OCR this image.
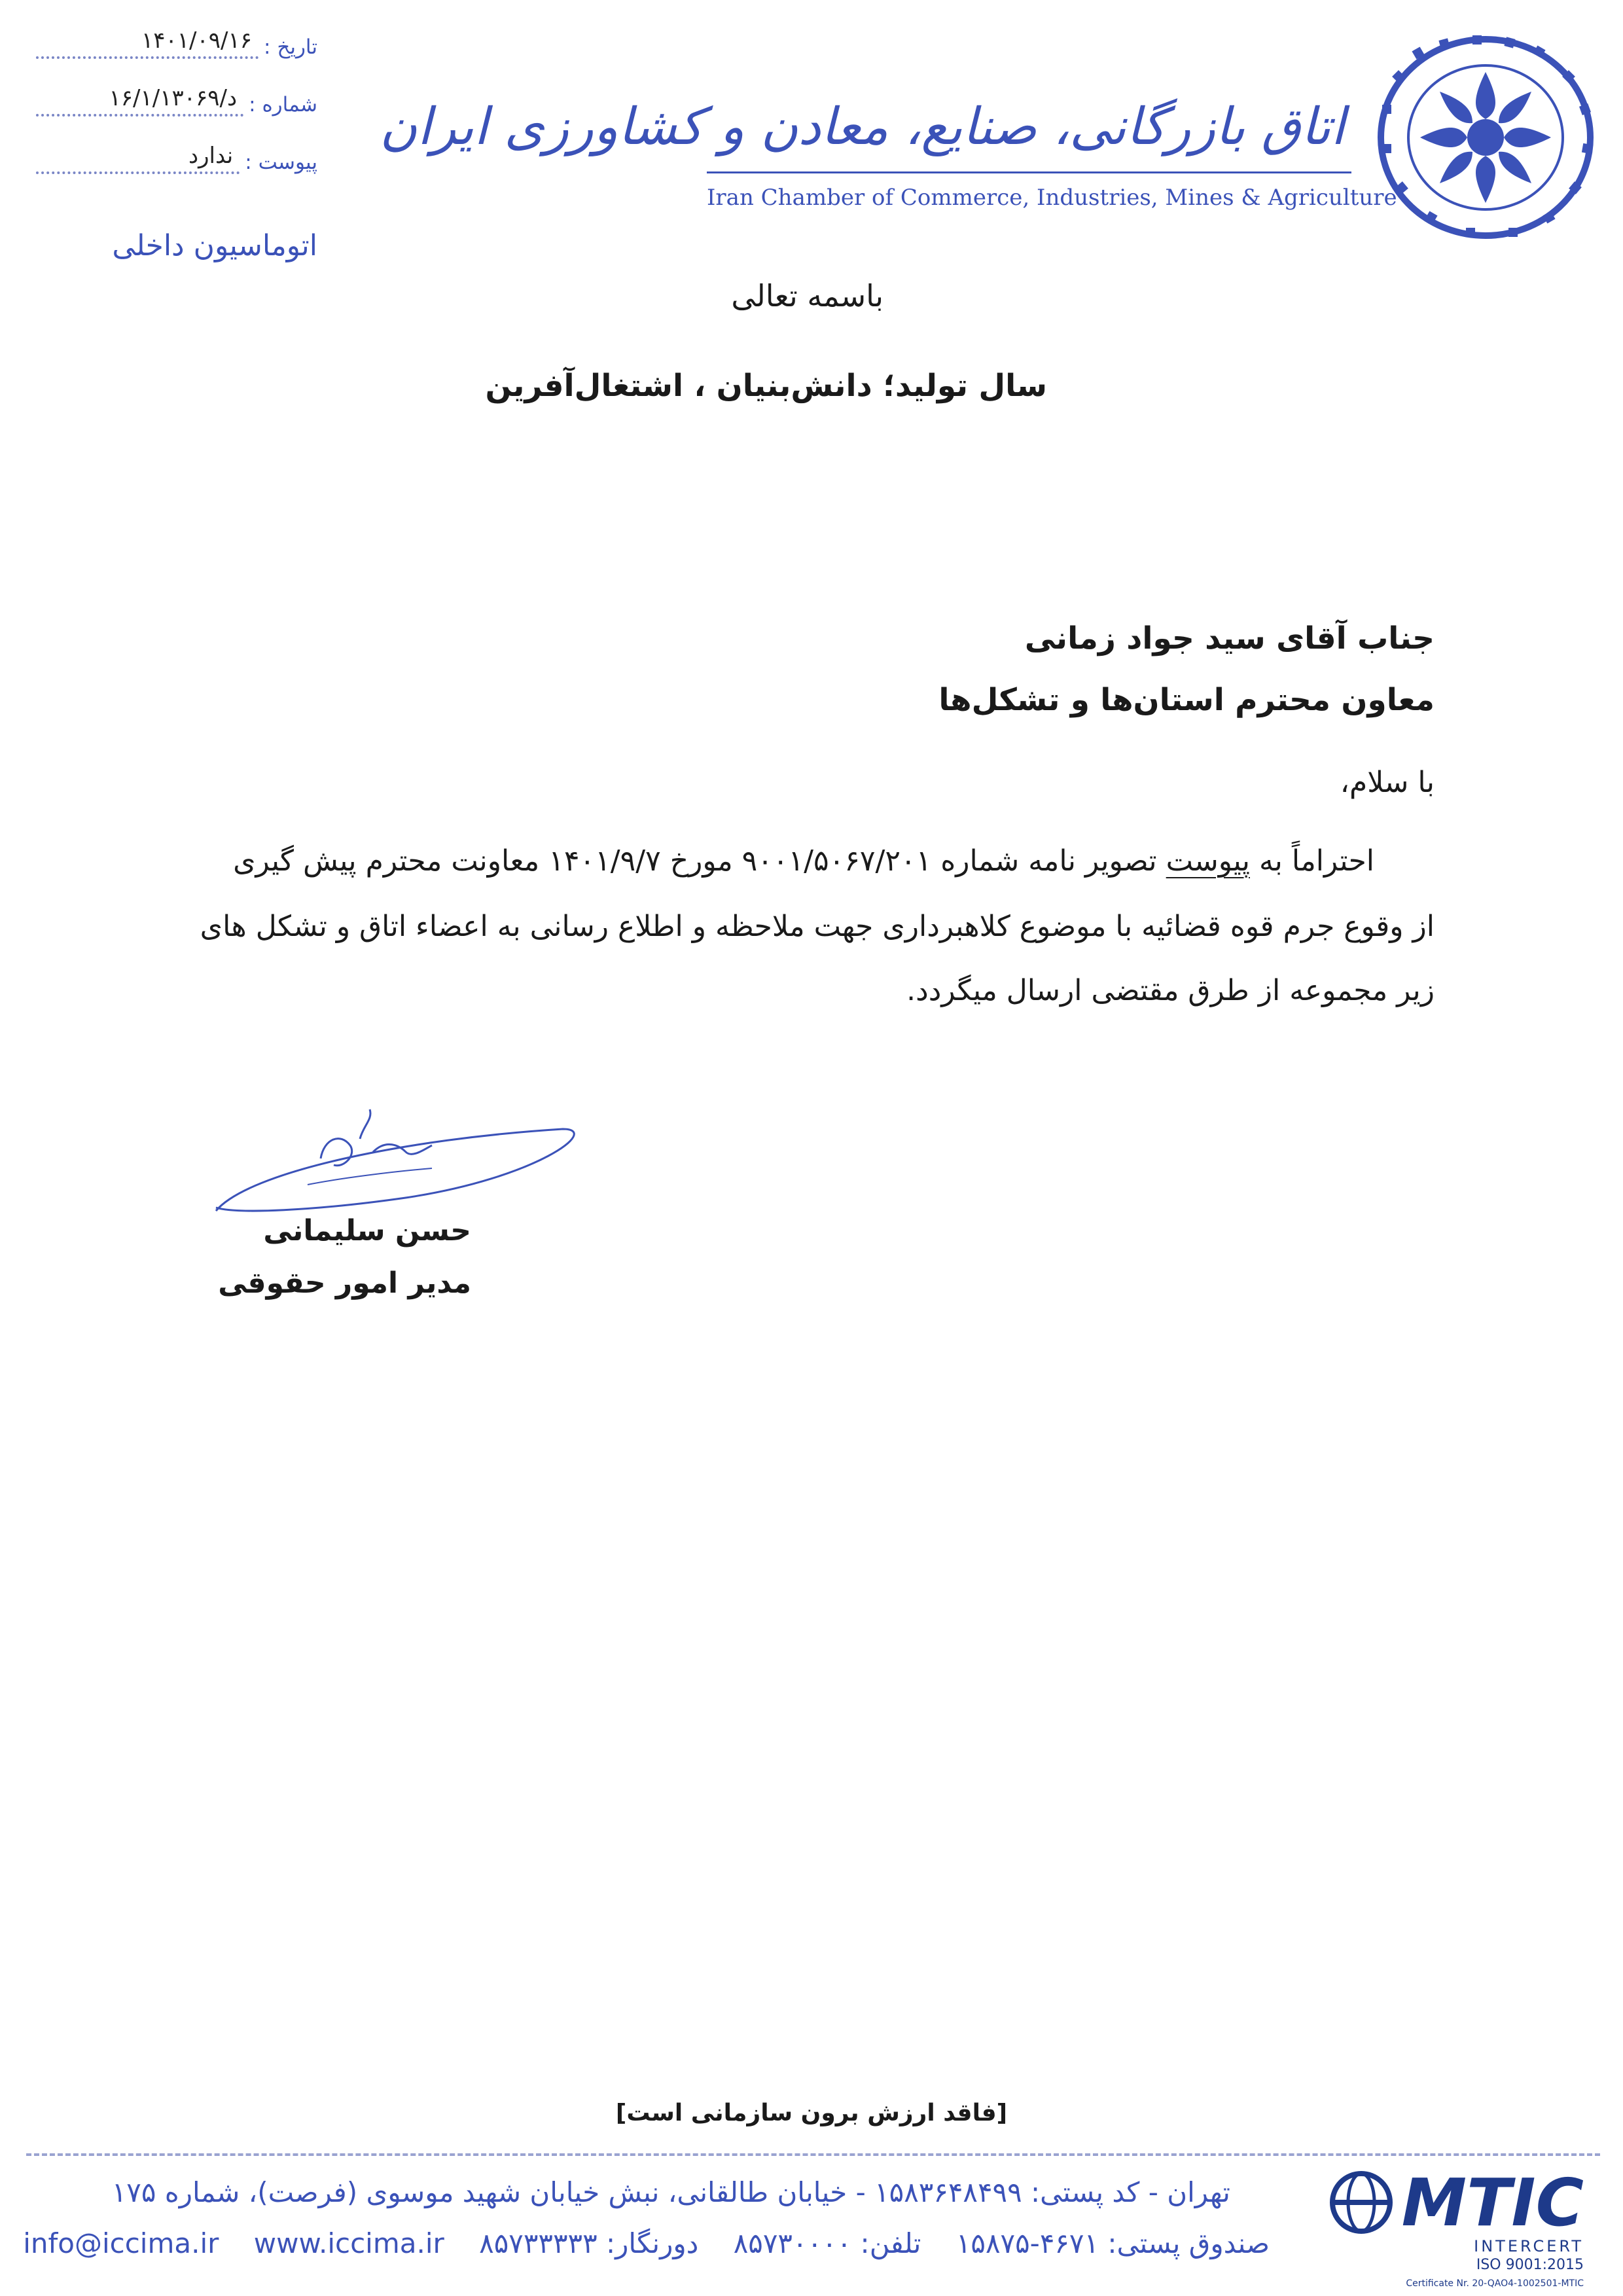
تاریخ :
۱۴۰۱/۰۹/۱۶
شماره :
د/۱۶/۱/۱۳۰۶۹
پیوست :
ندارد
اتوماسیون داخلی
اتاق بازرگانی، صنایع، معادن و کشاورزی ایران
Iran Chamber of Commerce, Industries, Mines & Agriculture
باسمه تعالی
سال تولید؛ دانش‌بنیان ، اشتغال‌آفرین
جناب آقای سید جواد زمانی
معاون محترم استان‌ها و تشکل‌ها
با سلام،
احتراماً به پیوست تصویر نامه شماره ۹۰۰۱/۵۰۶۷/۲۰۱ مورخ ۱۴۰۱/۹/۷ معاونت محترم پیش گیری
از وقوع جرم قوه قضائیه با موضوع کلاهبرداری جهت ملاحظه و اطلاع رسانی به اعضاء اتاق و تشکل های
زیر مجموعه از طرق مقتضی ارسال میگردد.
حسن سلیمانی
مدیر امور حقوقی
[فاقد ارزش برون سازمانی است]
تهران - کد پستی: ۱۵۸۳۶۴۸۴۹۹ - خیابان طالقانی، نبش خیابان شهید موسوی (فرصت)، شماره ۱۷۵
صندوق پستی: ۴۶۷۱-۱۵۸۷۵ تلفن: ۸۵۷۳۰۰۰۰ دورنگار: ۸۵۷۳۳۳۳۳ info@iccima.ir www.iccima.ir
MTIC
INTERCERT
ISO 9001:2015
Certificate Nr. 20-QAO4-1002501-MTIC
